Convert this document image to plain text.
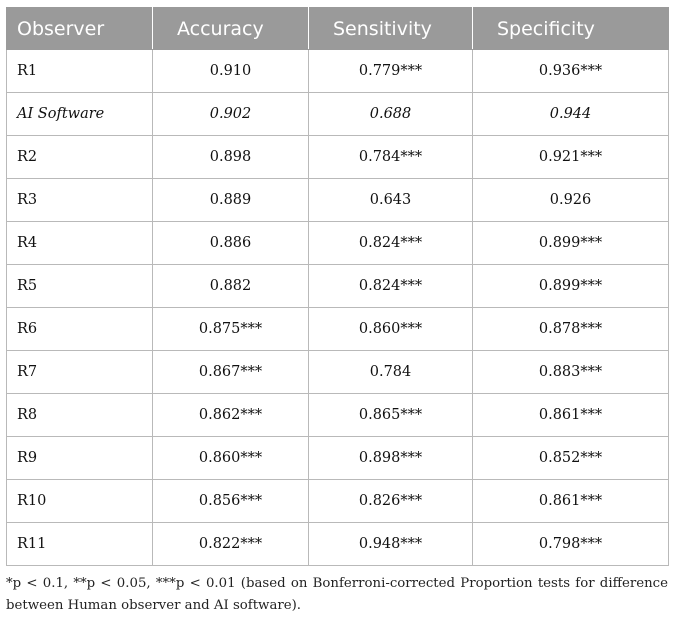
Observer	Accuracy	Sensitivity	Specificity
R1	0.910	0.779***	0.936***
AI Software	0.902	0.688	0.944
R2	0.898	0.784***	0.921***
R3	0.889	0.643	0.926
R4	0.886	0.824***	0.899***
R5	0.882	0.824***	0.899***
R6	0.875***	0.860***	0.878***
R7	0.867***	0.784	0.883***
R8	0.862***	0.865***	0.861***
R9	0.860***	0.898***	0.852***
R10	0.856***	0.826***	0.861***
R11	0.822***	0.948***	0.798***
*p < 0.1, **p < 0.05, ***p < 0.01 (based on Bonferroni-corrected Proportion tests for difference between Human observer and AI software).
